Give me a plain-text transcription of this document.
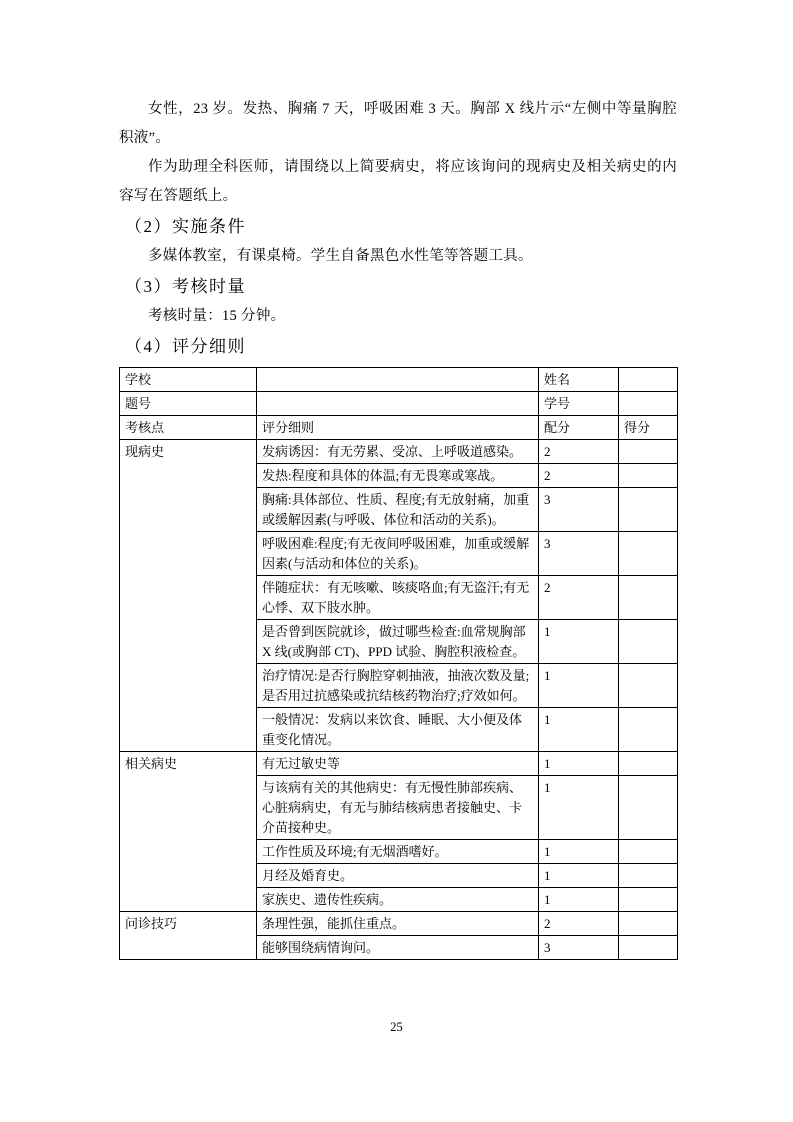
女性，23 岁。发热、胸痛 7 天，呼吸困难 3 天。胸部 X 线片示“左侧中等量胸腔积液”。

作为助理全科医师，请围绕以上简要病史，将应该询问的现病史及相关病史的内容写在答题纸上。

（2）实施条件

多媒体教室，有课桌椅。学生自备黑色水性笔等答题工具。

（3）考核时量

考核时量：15 分钟。

（4）评分细则
学校		姓名	
题号		学号	
考核点	评分细则	配分	得分
现病史	发病诱因：有无劳累、受凉、上呼吸道感染。	2	
	发热:程度和具体的体温;有无畏寒或寒战。	2	
	胸痛:具体部位、性质、程度;有无放射痛，加重或缓解因素(与呼吸、体位和活动的关系)。	3	
	呼吸困难:程度;有无夜间呼吸困难，加重或缓解因素(与活动和体位的关系)。	3	
	伴随症状：有无咳嗽、咳痰咯血;有无盗汗;有无心悸、双下肢水肿。	2	
	是否曾到医院就诊，做过哪些检查:血常规胸部 X 线(或胸部 CT)、PPD 试验、胸腔积液检查。	1	
	治疗情况:是否行胸腔穿刺抽液，抽液次数及量;是否用过抗感染或抗结核药物治疗;疗效如何。	1	
	一般情况：发病以来饮食、睡眠、大小便及体重变化情况。	1	
相关病史	有无过敏史等	1	
	与该病有关的其他病史：有无慢性肺部疾病、心脏病病史，有无与肺结核病患者接触史、卡介苗接种史。	1	
	工作性质及环境;有无烟酒嗜好。	1	
	月经及婚育史。	1	
	家族史、遗传性疾病。	1	
问诊技巧	条理性强，能抓住重点。	2	
	能够围绕病情询问。	3	
25
